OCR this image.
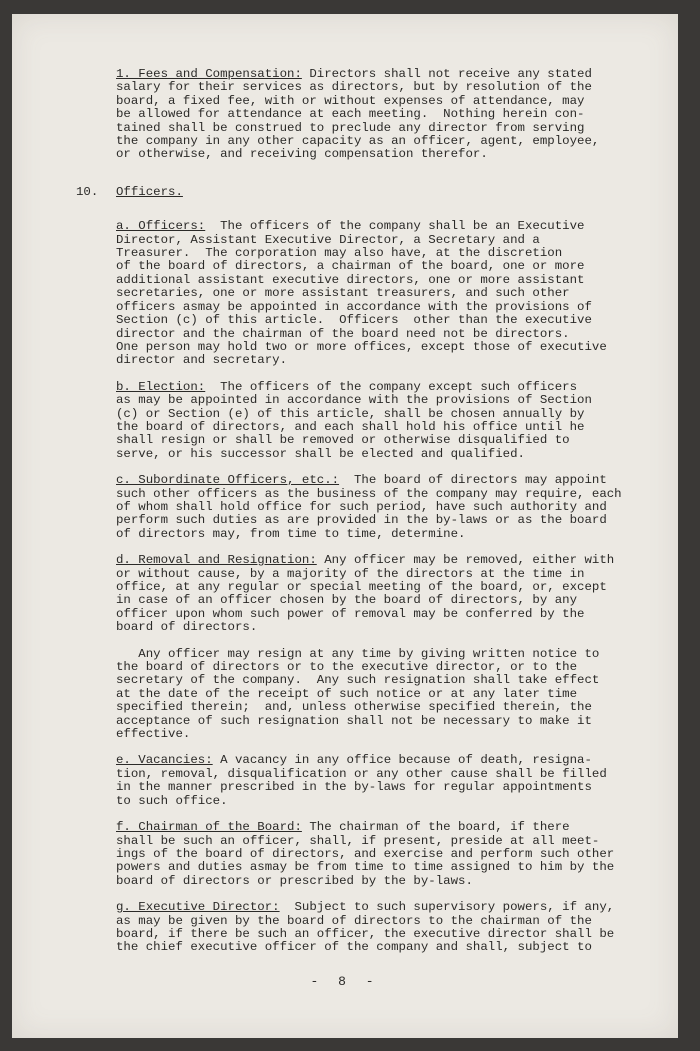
1. Fees and Compensation: Directors shall not receive any stated
salary for their services as directors, but by resolution of the
board, a fixed fee, with or without expenses of attendance, may
be allowed for attendance at each meeting.  Nothing herein con-
tained shall be construed to preclude any director from serving
the company in any other capacity as an officer, agent, employee,
or otherwise, and receiving compensation therefor.
10. Officers.
a. Officers:  The officers of the company shall be an Executive
Director, Assistant Executive Director, a Secretary and a
Treasurer.  The corporation may also have, at the discretion
of the board of directors, a chairman of the board, one or more
additional assistant executive directors, one or more assistant
secretaries, one or more assistant treasurers, and such other
officers asmay be appointed in accordance with the provisions of
Section (c) of this article.  Officers  other than the executive
director and the chairman of the board need not be directors.
One person may hold two or more offices, except those of executive
director and secretary.
b. Election:  The officers of the company except such officers
as may be appointed in accordance with the provisions of Section
(c) or Section (e) of this article, shall be chosen annually by
the board of directors, and each shall hold his office until he
shall resign or shall be removed or otherwise disqualified to
serve, or his successor shall be elected and qualified.
c. Subordinate Officers, etc.:  The board of directors may appoint
such other officers as the business of the company may require, each
of whom shall hold office for such period, have such authority and
perform such duties as are provided in the by-laws or as the board
of directors may, from time to time, determine.
d. Removal and Resignation: Any officer may be removed, either with
or without cause, by a majority of the directors at the time in
office, at any regular or special meeting of the board, or, except
in case of an officer chosen by the board of directors, by any
officer upon whom such power of removal may be conferred by the
board of directors.
Any officer may resign at any time by giving written notice to
the board of directors or to the executive director, or to the
secretary of the company.  Any such resignation shall take effect
at the date of the receipt of such notice or at any later time
specified therein;  and, unless otherwise specified therein, the
acceptance of such resignation shall not be necessary to make it
effective.
e. Vacancies: A vacancy in any office because of death, resigna-
tion, removal, disqualification or any other cause shall be filled
in the manner prescribed in the by-laws for regular appointments
to such office.
f. Chairman of the Board: The chairman of the board, if there
shall be such an officer, shall, if present, preside at all meet-
ings of the board of directors, and exercise and perform such other
powers and duties asmay be from time to time assigned to him by the
board of directors or prescribed by the by-laws.
g. Executive Director:  Subject to such supervisory powers, if any,
as may be given by the board of directors to the chairman of the
board, if there be such an officer, the executive director shall be
the chief executive officer of the company and shall, subject to
- 8 -
